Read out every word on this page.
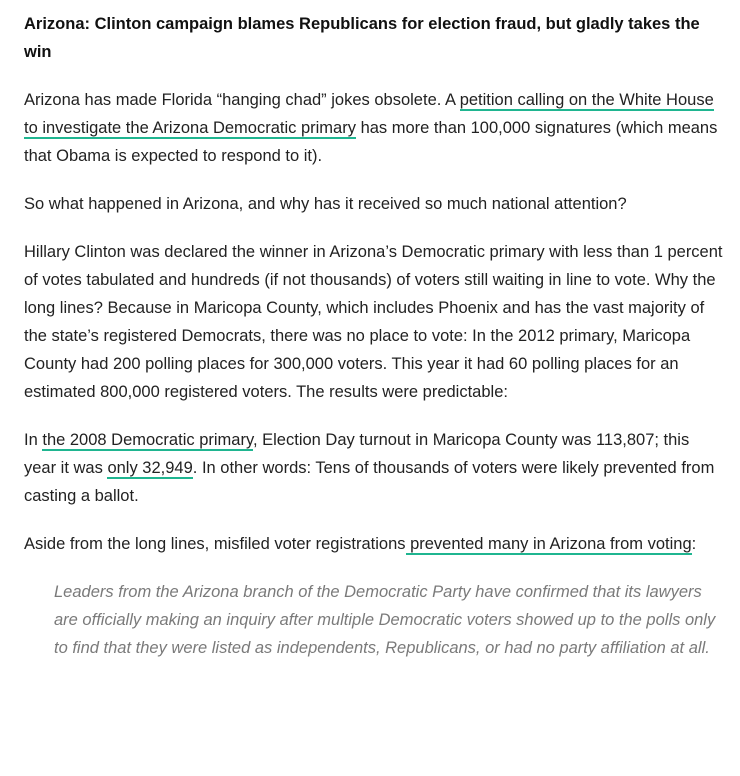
Arizona: Clinton campaign blames Republicans for election fraud, but gladly takes the win

Arizona has made Florida “hanging chad” jokes obsolete. A petition calling on the White House to investigate the Arizona Democratic primary has more than 100,000 signatures (which means that Obama is expected to respond to it).

So what happened in Arizona, and why has it received so much national attention?

Hillary Clinton was declared the winner in Arizona’s Democratic primary with less than 1 percent of votes tabulated and hundreds (if not thousands) of voters still waiting in line to vote. Why the long lines? Because in Maricopa County, which includes Phoenix and has the vast majority of the state’s registered Democrats, there was no place to vote: In the 2012 primary, Maricopa County had 200 polling places for 300,000 voters. This year it had 60 polling places for an estimated 800,000 registered voters. The results were predictable:

In the 2008 Democratic primary, Election Day turnout in Maricopa County was 113,807; this year it was only 32,949. In other words: Tens of thousands of voters were likely prevented from casting a ballot.

Aside from the long lines, misfiled voter registrations prevented many in Arizona from voting:

Leaders from the Arizona branch of the Democratic Party have confirmed that its lawyers are officially making an inquiry after multiple Democratic voters showed up to the polls only to find that they were listed as independents, Republicans, or had no party affiliation at all.
